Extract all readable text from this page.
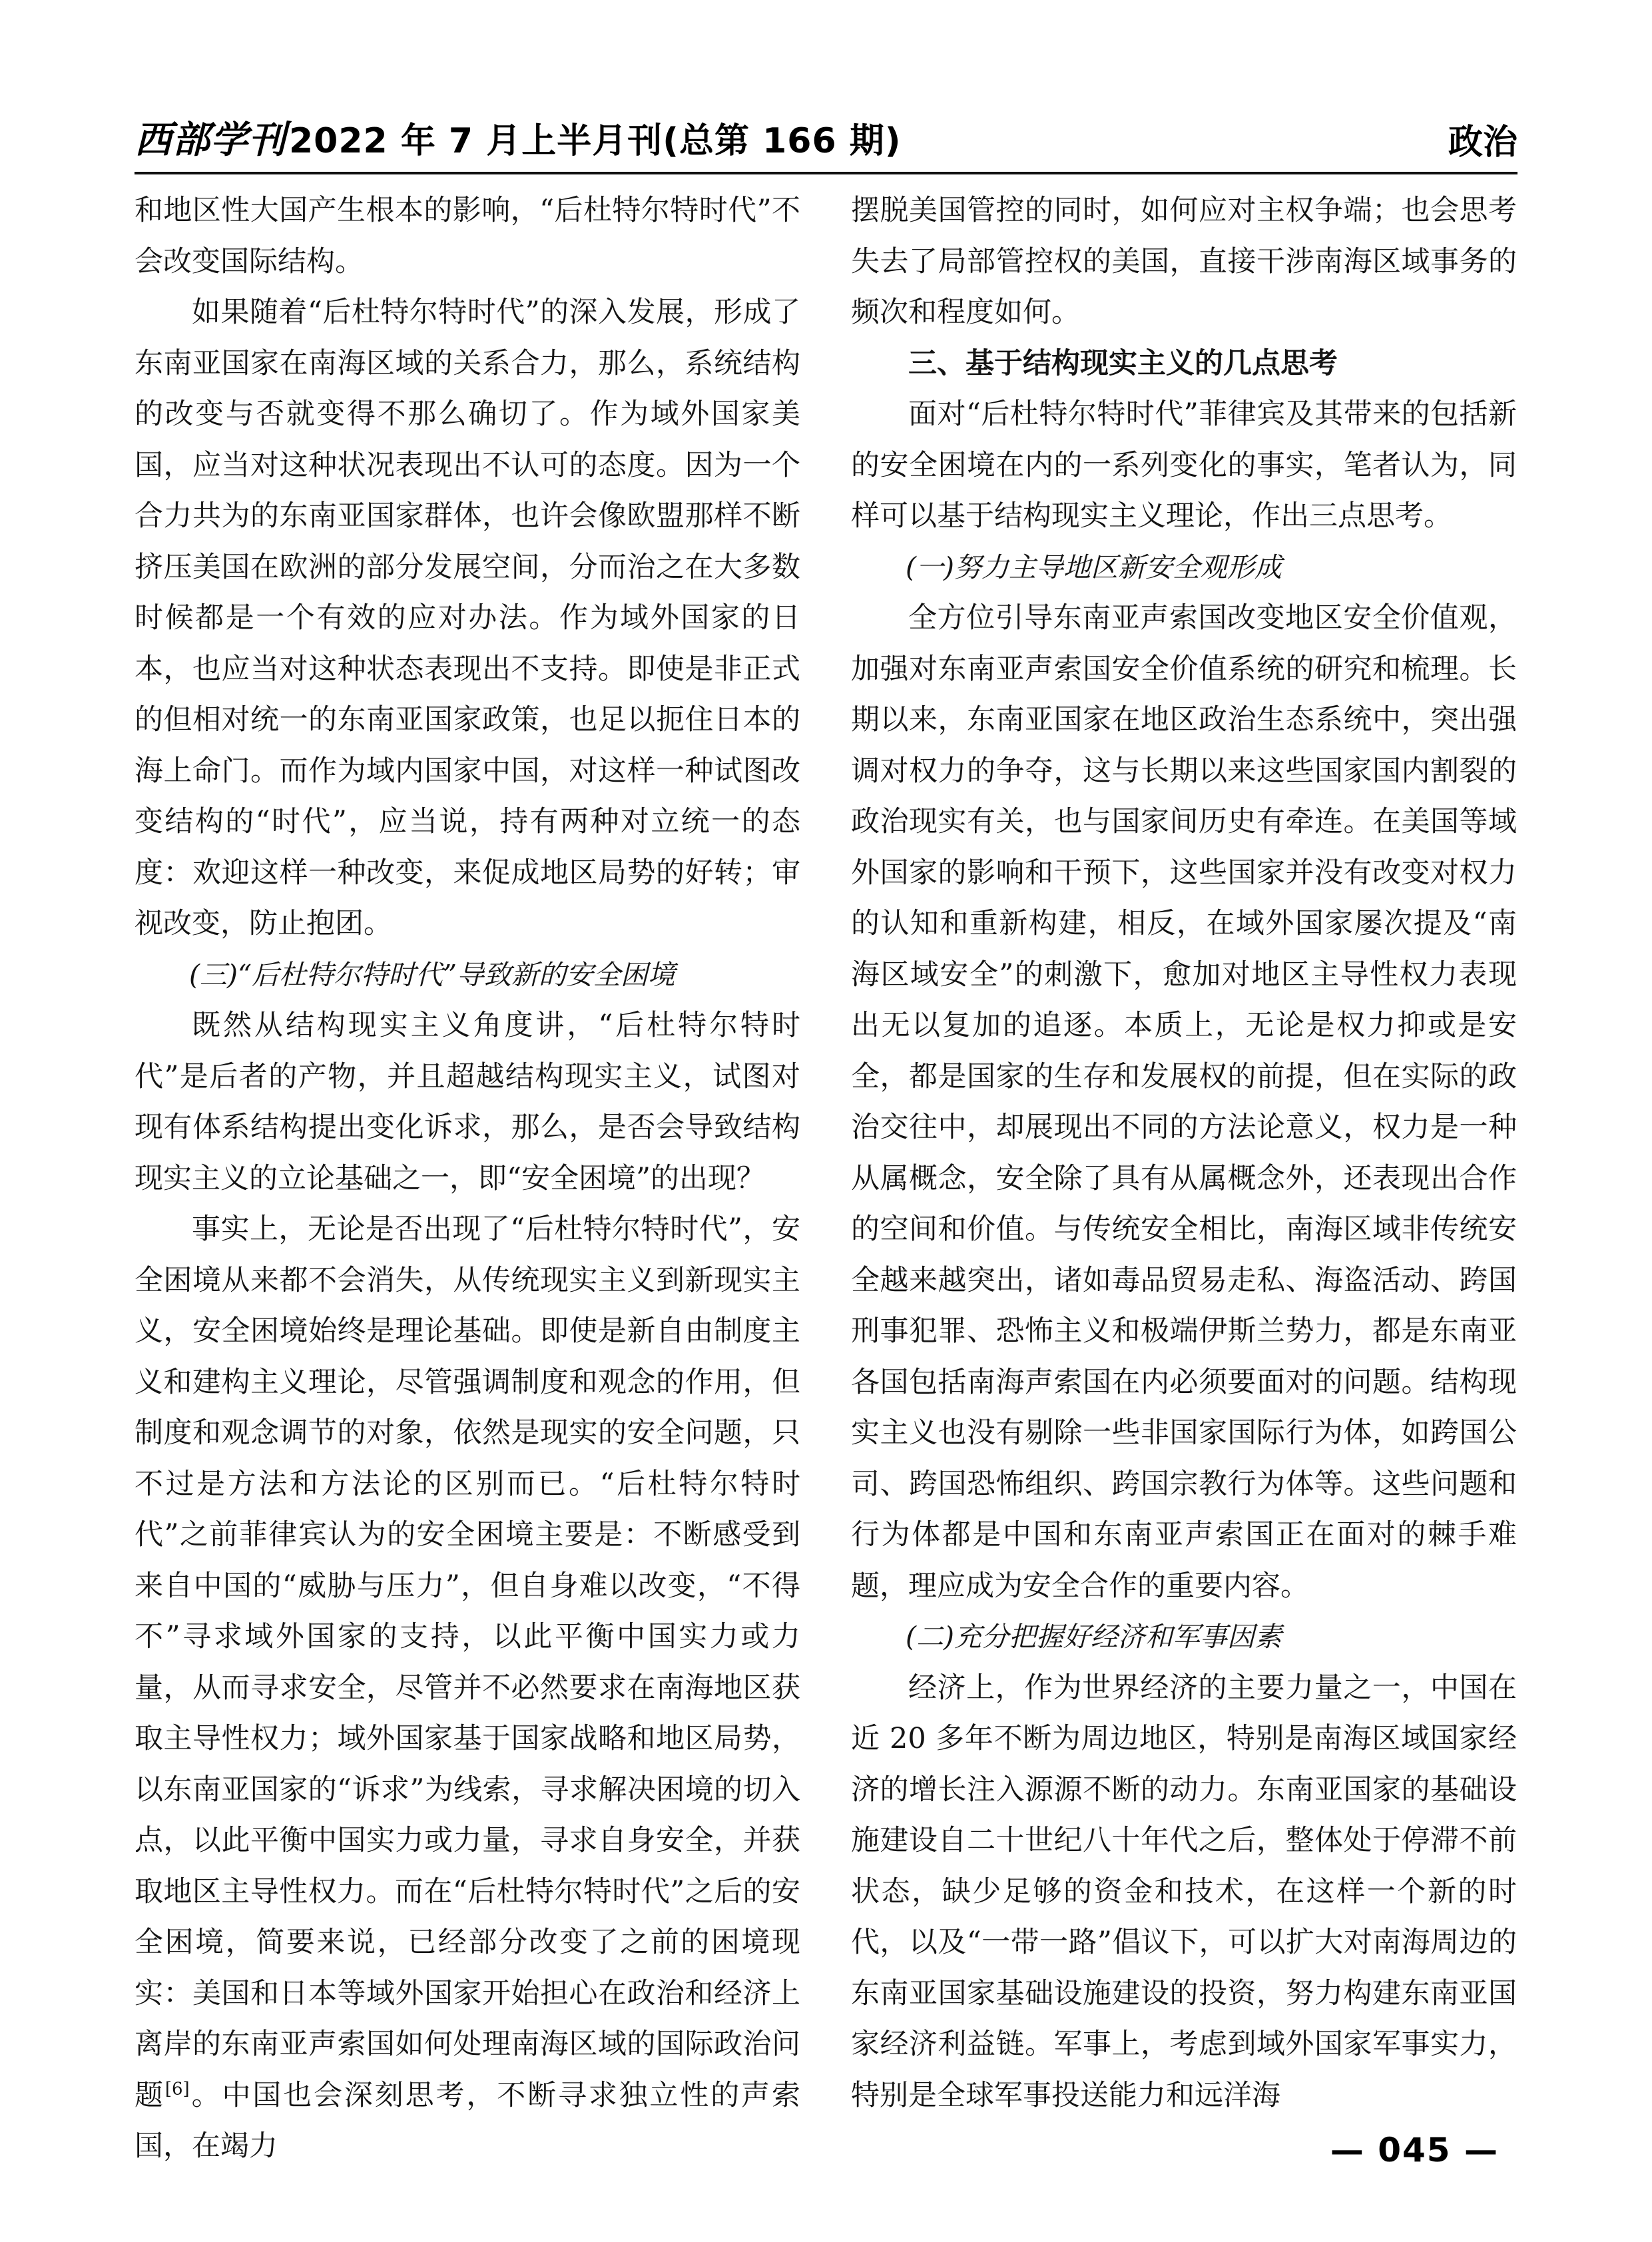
西部学刊2022 年 7 月上半月刊(总第 166 期)	政治

和地区性大国产生根本的影响，“后杜特尔特时代”不会改变国际结构。

如果随着“后杜特尔特时代”的深入发展，形成了东南亚国家在南海区域的关系合力，那么，系统结构的改变与否就变得不那么确切了。作为域外国家美国，应当对这种状况表现出不认可的态度。因为一个合力共为的东南亚国家群体，也许会像欧盟那样不断挤压美国在欧洲的部分发展空间，分而治之在大多数时候都是一个有效的应对办法。作为域外国家的日本，也应当对这种状态表现出不支持。即使是非正式的但相对统一的东南亚国家政策，也足以扼住日本的海上命门。而作为域内国家中国，对这样一种试图改变结构的“时代”，应当说，持有两种对立统一的态度：欢迎这样一种改变，来促成地区局势的好转；审视改变，防止抱团。

(三)“后杜特尔特时代”导致新的安全困境

既然从结构现实主义角度讲，“后杜特尔特时代”是后者的产物，并且超越结构现实主义，试图对现有体系结构提出变化诉求，那么，是否会导致结构现实主义的立论基础之一，即“安全困境”的出现？

事实上，无论是否出现了“后杜特尔特时代”，安全困境从来都不会消失，从传统现实主义到新现实主义，安全困境始终是理论基础。即使是新自由制度主义和建构主义理论，尽管强调制度和观念的作用，但制度和观念调节的对象，依然是现实的安全问题，只不过是方法和方法论的区别而已。“后杜特尔特时代”之前菲律宾认为的安全困境主要是：不断感受到来自中国的“威胁与压力”，但自身难以改变，“不得不”寻求域外国家的支持，以此平衡中国实力或力量，从而寻求安全，尽管并不必然要求在南海地区获取主导性权力；域外国家基于国家战略和地区局势，以东南亚国家的“诉求”为线索，寻求解决困境的切入点，以此平衡中国实力或力量，寻求自身安全，并获取地区主导性权力。而在“后杜特尔特时代”之后的安全困境，简要来说，已经部分改变了之前的困境现实：美国和日本等域外国家开始担心在政治和经济上离岸的东南亚声索国如何处理南海区域的国际政治问题[6]。中国也会深刻思考，不断寻求独立性的声索国，在竭力

摆脱美国管控的同时，如何应对主权争端；也会思考失去了局部管控权的美国，直接干涉南海区域事务的频次和程度如何。

三、基于结构现实主义的几点思考

面对“后杜特尔特时代”菲律宾及其带来的包括新的安全困境在内的一系列变化的事实，笔者认为，同样可以基于结构现实主义理论，作出三点思考。

(一)努力主导地区新安全观形成

全方位引导东南亚声索国改变地区安全价值观，加强对东南亚声索国安全价值系统的研究和梳理。长期以来，东南亚国家在地区政治生态系统中，突出强调对权力的争夺，这与长期以来这些国家国内割裂的政治现实有关，也与国家间历史有牵连。在美国等域外国家的影响和干预下，这些国家并没有改变对权力的认知和重新构建，相反，在域外国家屡次提及“南海区域安全”的刺激下，愈加对地区主导性权力表现出无以复加的追逐。本质上，无论是权力抑或是安全，都是国家的生存和发展权的前提，但在实际的政治交往中，却展现出不同的方法论意义，权力是一种从属概念，安全除了具有从属概念外，还表现出合作的空间和价值。与传统安全相比，南海区域非传统安全越来越突出，诸如毒品贸易走私、海盗活动、跨国刑事犯罪、恐怖主义和极端伊斯兰势力，都是东南亚各国包括南海声索国在内必须要面对的问题。结构现实主义也没有剔除一些非国家国际行为体，如跨国公司、跨国恐怖组织、跨国宗教行为体等。这些问题和行为体都是中国和东南亚声索国正在面对的棘手难题，理应成为安全合作的重要内容。

(二)充分把握好经济和军事因素

经济上，作为世界经济的主要力量之一，中国在近 20 多年不断为周边地区，特别是南海区域国家经济的增长注入源源不断的动力。东南亚国家的基础设施建设自二十世纪八十年代之后，整体处于停滞不前状态，缺少足够的资金和技术，在这样一个新的时代，以及“一带一路”倡议下，可以扩大对南海周边的东南亚国家基础设施建设的投资，努力构建东南亚国家经济利益链。军事上，考虑到域外国家军事实力，特别是全球军事投送能力和远洋海

— 045 —
